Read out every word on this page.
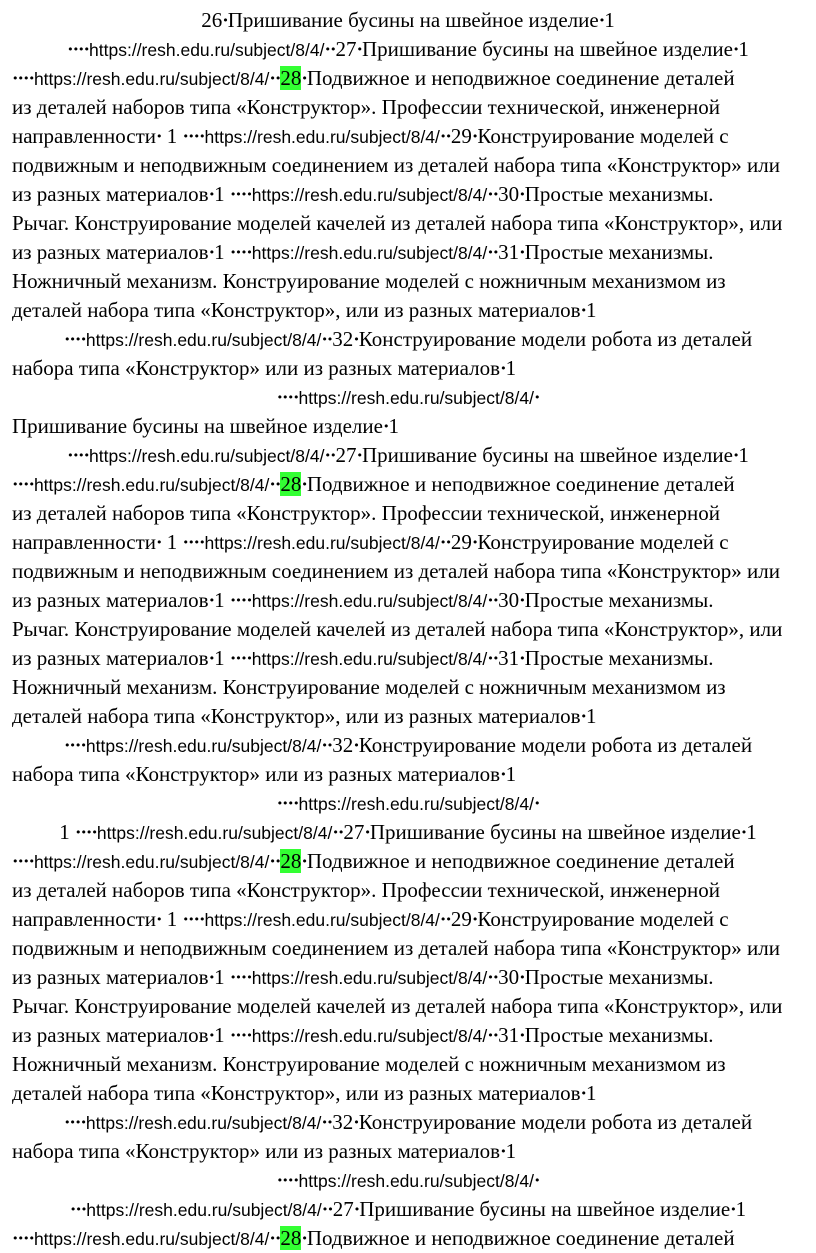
26•Пришивание бусины на швейное изделие•1
••••https://resh.edu.ru/subject/8/4/••27•Пришивание бусины на швейное изделие•1
••••https://resh.edu.ru/subject/8/4/••28•Подвижное и неподвижное соединение деталей
из деталей наборов типа «Конструктор». Профессии технической, инженерной
направленности• 1 ••••https://resh.edu.ru/subject/8/4/••29•Конструирование моделей с
подвижным и неподвижным соединением из деталей набора типа «Конструктор» или
из разных материалов•1 ••••https://resh.edu.ru/subject/8/4/••30•Простые механизмы.
Рычаг. Конструирование моделей качелей из деталей набора типа «Конструктор», или
из разных материалов•1 ••••https://resh.edu.ru/subject/8/4/••31•Простые механизмы.
Ножничный механизм. Конструирование моделей с ножничным механизмом из
деталей набора типа «Конструктор», или из разных материалов•1
••••https://resh.edu.ru/subject/8/4/••32•Конструирование модели робота из деталей
набора типа «Конструктор» или из разных материалов•1
••••https://resh.edu.ru/subject/8/4/•
Пришивание бусины на швейное изделие•1
••••https://resh.edu.ru/subject/8/4/••27•Пришивание бусины на швейное изделие•1
••••https://resh.edu.ru/subject/8/4/••28•Подвижное и неподвижное соединение деталей
из деталей наборов типа «Конструктор». Профессии технической, инженерной
направленности• 1 ••••https://resh.edu.ru/subject/8/4/••29•Конструирование моделей с
подвижным и неподвижным соединением из деталей набора типа «Конструктор» или
из разных материалов•1 ••••https://resh.edu.ru/subject/8/4/••30•Простые механизмы.
Рычаг. Конструирование моделей качелей из деталей набора типа «Конструктор», или
из разных материалов•1 ••••https://resh.edu.ru/subject/8/4/••31•Простые механизмы.
Ножничный механизм. Конструирование моделей с ножничным механизмом из
деталей набора типа «Конструктор», или из разных материалов•1
••••https://resh.edu.ru/subject/8/4/••32•Конструирование модели робота из деталей
набора типа «Конструктор» или из разных материалов•1
••••https://resh.edu.ru/subject/8/4/•
1 ••••https://resh.edu.ru/subject/8/4/••27•Пришивание бусины на швейное изделие•1
••••https://resh.edu.ru/subject/8/4/••28•Подвижное и неподвижное соединение деталей
из деталей наборов типа «Конструктор». Профессии технической, инженерной
направленности• 1 ••••https://resh.edu.ru/subject/8/4/••29•Конструирование моделей с
подвижным и неподвижным соединением из деталей набора типа «Конструктор» или
из разных материалов•1 ••••https://resh.edu.ru/subject/8/4/••30•Простые механизмы.
Рычаг. Конструирование моделей качелей из деталей набора типа «Конструктор», или
из разных материалов•1 ••••https://resh.edu.ru/subject/8/4/••31•Простые механизмы.
Ножничный механизм. Конструирование моделей с ножничным механизмом из
деталей набора типа «Конструктор», или из разных материалов•1
••••https://resh.edu.ru/subject/8/4/••32•Конструирование модели робота из деталей
набора типа «Конструктор» или из разных материалов•1
••••https://resh.edu.ru/subject/8/4/•
•••https://resh.edu.ru/subject/8/4/••27•Пришивание бусины на швейное изделие•1
••••https://resh.edu.ru/subject/8/4/••28•Подвижное и неподвижное соединение деталей
